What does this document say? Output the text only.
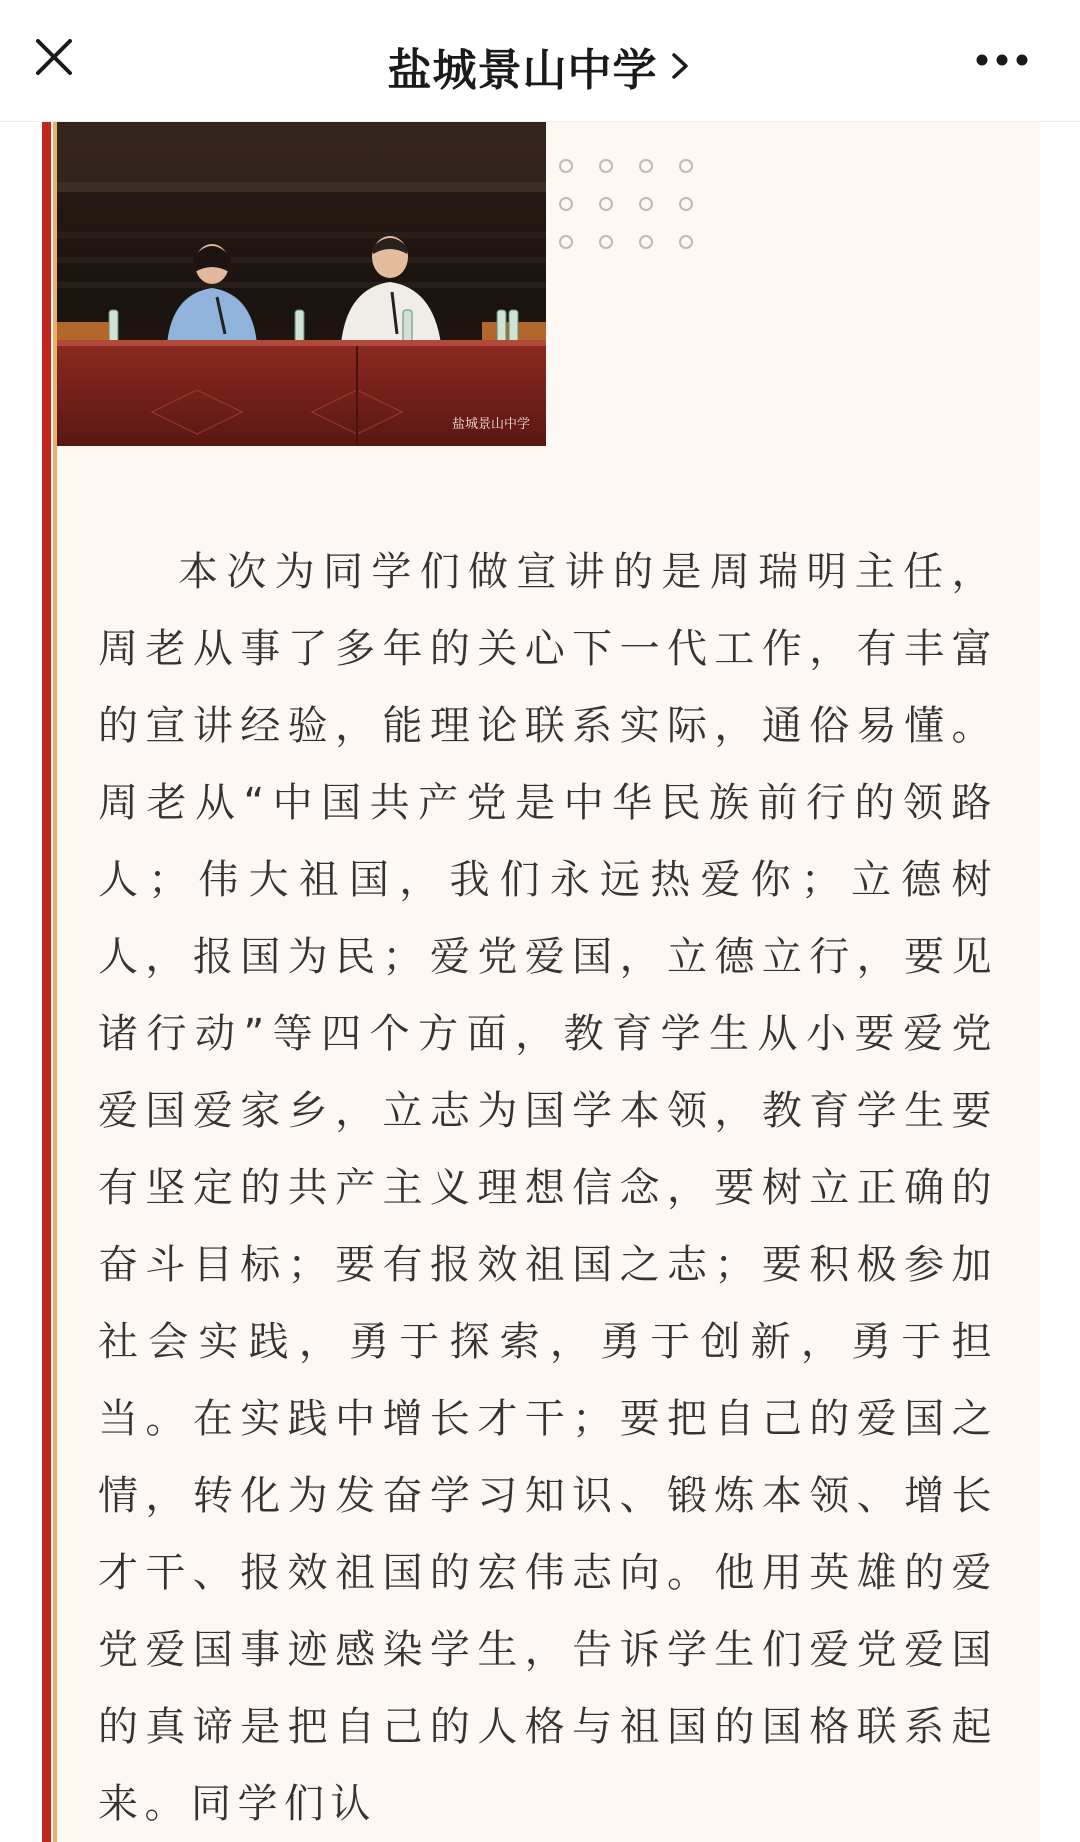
盐城景山中学
盐城景山中学

本次为同学们做宣讲的是周瑞明主任，周老从事了多年的关心下一代工作，有丰富的宣讲经验，能理论联系实际，通俗易懂。周老从“中国共产党是中华民族前行的领路人；伟大祖国，我们永远热爱你；立德树人，报国为民；爱党爱国，立德立行，要见诸行动”等四个方面，教育学生从小要爱党爱国爱家乡，立志为国学本领，教育学生要有坚定的共产主义理想信念，要树立正确的奋斗目标；要有报效祖国之志；要积极参加社会实践，勇于探索，勇于创新，勇于担当。在实践中增长才干；要把自己的爱国之情，转化为发奋学习知识、锻炼本领、增长才干、报效祖国的宏伟志向。他用英雄的爱党爱国事迹感染学生，告诉学生们爱党爱国的真谛是把自己的人格与祖国的国格联系起来。同学们认
